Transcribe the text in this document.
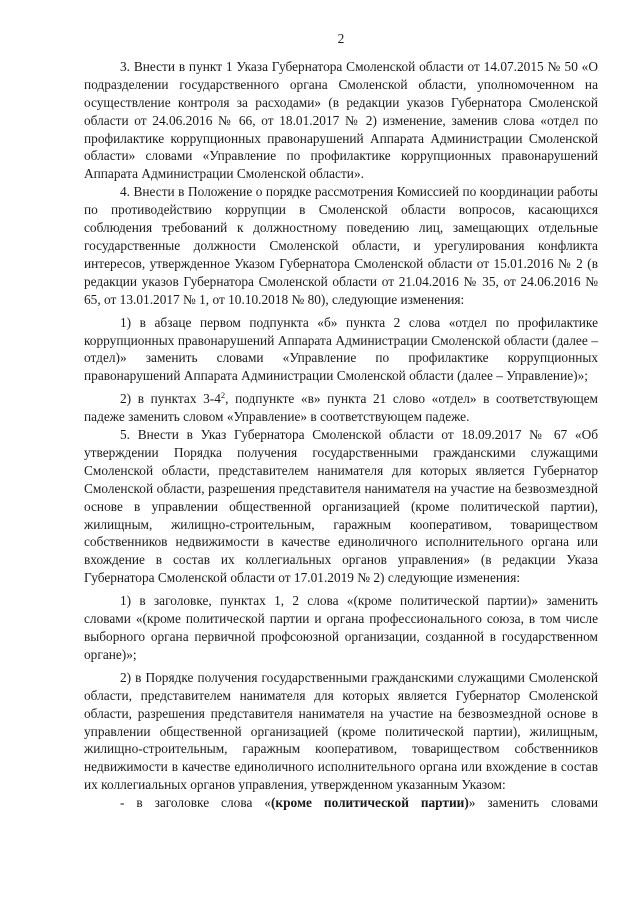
2

3. Внести в пункт 1 Указа Губернатора Смоленской области от 14.07.2015 № 50 «О подразделении государственного органа Смоленской области, уполномоченном на осуществление контроля за расходами» (в редакции указов Губернатора Смоленской области от 24.06.2016 № 66, от 18.01.2017 № 2) изменение, заменив слова «отдел по профилактике коррупционных правонарушений Аппарата Администрации Смоленской области» словами «Управление по профилактике коррупционных правонарушений Аппарата Администрации Смоленской области».

4. Внести в Положение о порядке рассмотрения Комиссией по координации работы по противодействию коррупции в Смоленской области вопросов, касающихся соблюдения требований к должностному поведению лиц, замещающих отдельные государственные должности Смоленской области, и урегулирования конфликта интересов, утвержденное Указом Губернатора Смоленской области от 15.01.2016 № 2 (в редакции указов Губернатора Смоленской области от 21.04.2016 № 35, от 24.06.2016 № 65, от 13.01.2017 № 1, от 10.10.2018 № 80), следующие изменения:

1) в абзаце первом подпункта «б» пункта 2 слова «отдел по профилактике коррупционных правонарушений Аппарата Администрации Смоленской области (далее – отдел)» заменить словами «Управление по профилактике коррупционных правонарушений Аппарата Администрации Смоленской области (далее – Управление)»;

2) в пунктах $3-4^2$, подпункте «в» пункта 21 слово «отдел» в соответствующем падеже заменить словом «Управление» в соответствующем падеже.

5. Внести в Указ Губернатора Смоленской области от 18.09.2017 № 67 «Об утверждении Порядка получения государственными гражданскими служащими Смоленской области, представителем нанимателя для которых является Губернатор Смоленской области, разрешения представителя нанимателя на участие на безвозмездной основе в управлении общественной организацией (кроме политической партии), жилищным, жилищно-строительным, гаражным кооперативом, товариществом собственников недвижимости в качестве единоличного исполнительного органа или вхождение в состав их коллегиальных органов управления» (в редакции Указа Губернатора Смоленской области от 17.01.2019 № 2) следующие изменения:

1) в заголовке, пунктах 1, 2 слова «(кроме политической партии)» заменить словами «(кроме политической партии и органа профессионального союза, в том числе выборного органа первичной профсоюзной организации, созданной в государственном органе)»;

2) в Порядке получения государственными гражданскими служащими Смоленской области, представителем нанимателя для которых является Губернатор Смоленской области, разрешения представителя нанимателя на участие на безвозмездной основе в управлении общественной организацией (кроме политической партии), жилищным, жилищно-строительным, гаражным кооперативом, товариществом собственников недвижимости в качестве единоличного исполнительного органа или вхождение в состав их коллегиальных органов управления, утвержденном указанным Указом:

- в заголовке слова «(кроме политической партии)» заменить словами
